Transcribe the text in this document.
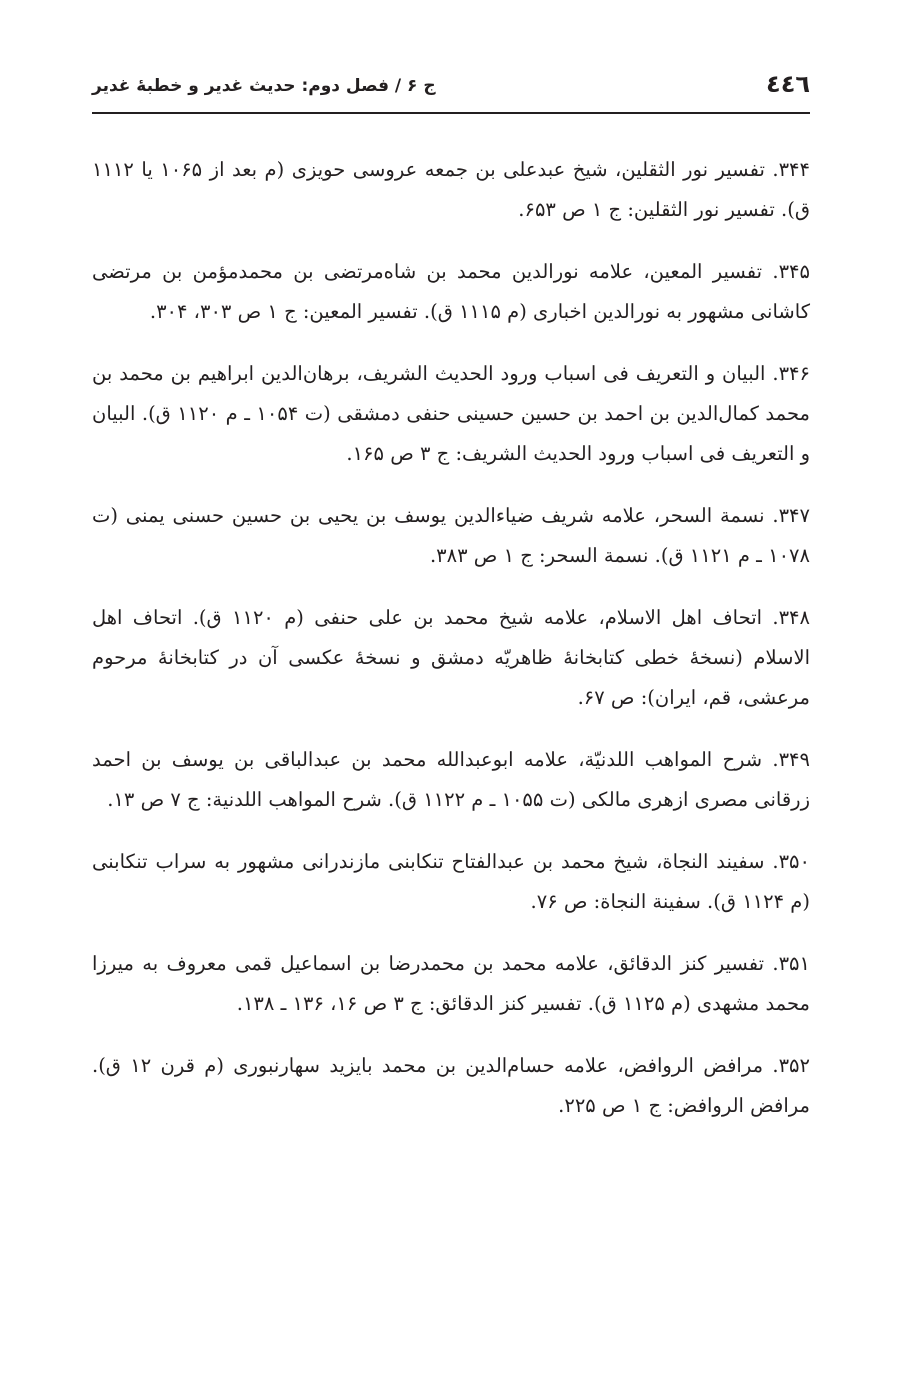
٤٤٦
ج ۶ / فصل دوم: حدیث غدیر و خطبهٔ غدیر

۳۴۴. تفسیر نور الثقلین، شیخ عبدعلی بن جمعه عروسی حویزی (م بعد از ۱۰۶۵ یا ۱۱۱۲ ق). تفسیر نور الثقلین: ج ۱ ص ۶۵۳.

۳۴۵. تفسیر المعین، علامه نورالدین محمد بن شاه‌مرتضی بن محمدمؤمن بن مرتضی کاشانی مشهور به نورالدین اخباری (م ۱۱۱۵ ق). تفسیر المعین: ج ۱ ص ۳۰۳، ۳۰۴.

۳۴۶. البیان و التعریف فی اسباب ورود الحدیث الشریف، برهان‌الدین ابراهیم بن محمد بن محمد کمال‌الدین بن احمد بن حسین حسینی حنفی دمشقی (ت ۱۰۵۴ ـ م ۱۱۲۰ ق). البیان و التعریف فی اسباب ورود الحدیث الشریف: ج ۳ ص ۱۶۵.

۳۴۷. نسمة السحر، علامه شریف ضیاءالدین یوسف بن یحیی بن حسین حسنی یمنی (ت ۱۰۷۸ ـ م ۱۱۲۱ ق). نسمة السحر: ج ۱ ص ۳۸۳.

۳۴۸. اتحاف اهل الاسلام، علامه شیخ محمد بن علی حنفی (م ۱۱۲۰ ق). اتحاف اهل الاسلام (نسخهٔ خطی کتابخانهٔ ظاهریّه دمشق و نسخهٔ عکسی آن در کتابخانهٔ مرحوم مرعشی، قم، ایران): ص ۶۷.

۳۴۹. شرح المواهب اللدنیّة، علامه ابوعبدالله محمد بن عبدالباقی بن یوسف بن احمد زرقانی مصری ازهری مالکی (ت ۱۰۵۵ ـ م ۱۱۲۲ ق). شرح المواهب اللدنیة: ج ۷ ص ۱۳.

۳۵۰. سفیند النجاة، شیخ محمد بن عبدالفتاح تنکابنی مازندرانی مشهور به سراب تنکابنی (م ۱۱۲۴ ق). سفینة النجاة: ص ۷۶.

۳۵۱. تفسیر کنز الدقائق، علامه محمد بن محمدرضا بن اسماعیل قمی معروف به میرزا محمد مشهدی (م ۱۱۲۵ ق). تفسیر کنز الدقائق: ج ۳ ص ۱۶، ۱۳۶ ـ ۱۳۸.

۳۵۲. مرافض الروافض، علامه حسام‌الدین بن محمد بایزید سهارنبوری (م قرن ۱۲ ق). مرافض الروافض: ج ۱ ص ۲۲۵.
